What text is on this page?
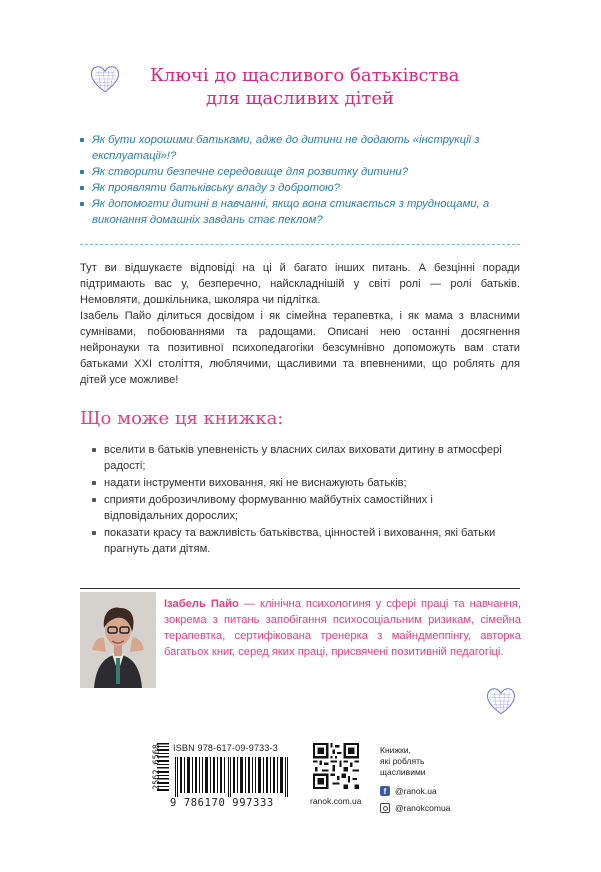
Ключі до щасливого батьківства
для щасливих дітей
Як бути хорошими батьками, адже до дитини не додають «інструкції з експлуатації»!?
Як створити безпечне середовище для розвитку дитини?
Як проявляти батьківську владу з добротою?
Як допомогти дитині в навчанні, якщо вона стикається з труднощами, а виконання домашніх завдань стає пеклом?

Тут ви відшукаєте відповіді на ці й багато інших питань. А безцінні поради підтримають вас у, безперечно, найскладнішій у світі ролі — ролі батьків. Немовляти, дошкільника, школяра чи підлітка.

Ізабель Пайо ділиться досвідом і як сімейна терапевтка, і як мама з власними сумнівами, побоюваннями та радощами. Описані нею останні досягнення нейронауки та позитивної психопедагогіки безсумнівно допоможуть вам стати батьками XXI століття, люблячими, щасливими та впевненими, що роблять для дітей усе можливе!

Що може ця книжка:
вселити в батьків упевненість у власних силах виховати дитину в атмосфері радості;
надати інструменти виховання, які не виснажують батьків;
сприяти доброзичливому формуванню майбутніх самостійних і відповідальних дорослих;
показати красу та важливість батьківства, цінностей і виховання, які батьки прагнуть дати дітям.
Ізабель Пайо — клінічна психологиня у сфері праці та навчання, зокрема з питань запобігання психосоціальним ризикам, сімейна терапевтка, сертифікована тренерка з майндмеппінгу, авторка багатьох книг, серед яких праці, присвячені позитивній педагогіці.
2562 6568 ISBN 978-617-09-9733-3
9 786170 997333	ranok.com.ua
Книжки,
які роблять
щасливими
f	@ranok.ua
@ranokcomua
